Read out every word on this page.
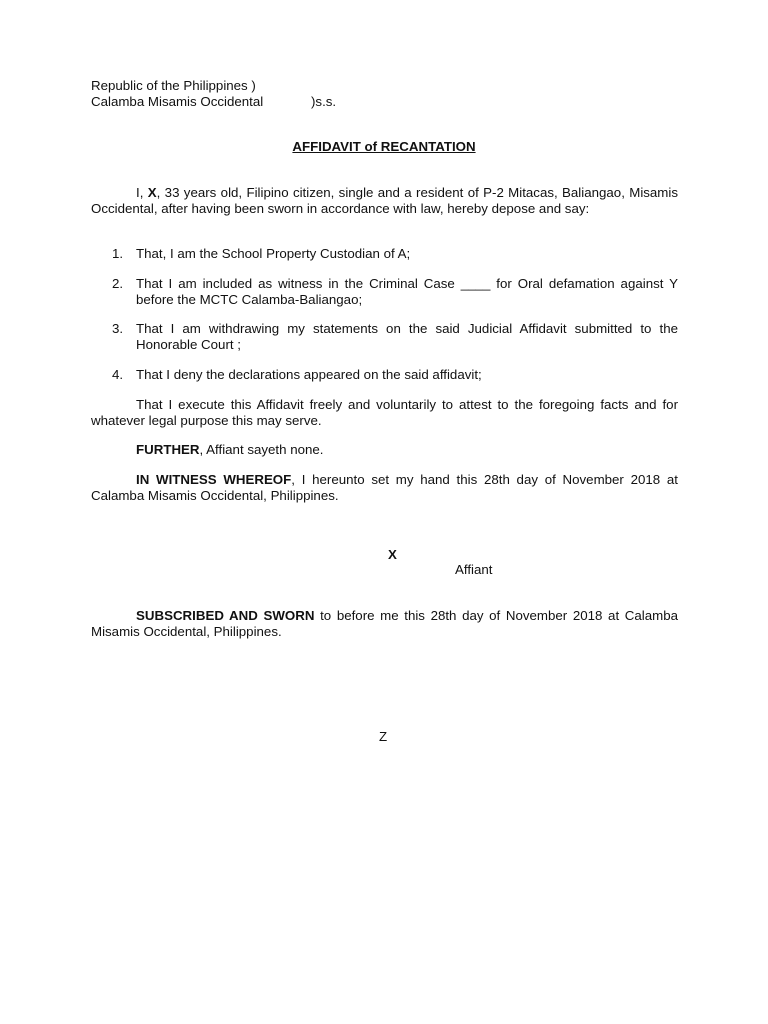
Republic of the Philippines )

Calamba Misamis Occidental	)s.s.

AFFIDAVIT of RECANTATION

I, X, 33 years old, Filipino citizen, single and a resident of P-2 Mitacas, Baliangao, Misamis Occidental, after having been sworn in accordance with law, hereby depose and say:

1. That, I am the School Property Custodian of A;
2. That I am included as witness in the Criminal Case ____ for Oral defamation against Y before the MCTC Calamba-Baliangao;
3. That I am withdrawing my statements on the said Judicial Affidavit submitted to the Honorable Court ;
4. That I deny the declarations appeared on the said affidavit;

That I execute this Affidavit freely and voluntarily to attest to the foregoing facts and for whatever legal purpose this may serve.

FURTHER, Affiant sayeth none.

IN WITNESS WHEREOF, I hereunto set my hand this 28th day of November 2018 at Calamba Misamis Occidental, Philippines.

X

Affiant

SUBSCRIBED AND SWORN to before me this 28th day of November 2018 at Calamba Misamis Occidental, Philippines.

Z
